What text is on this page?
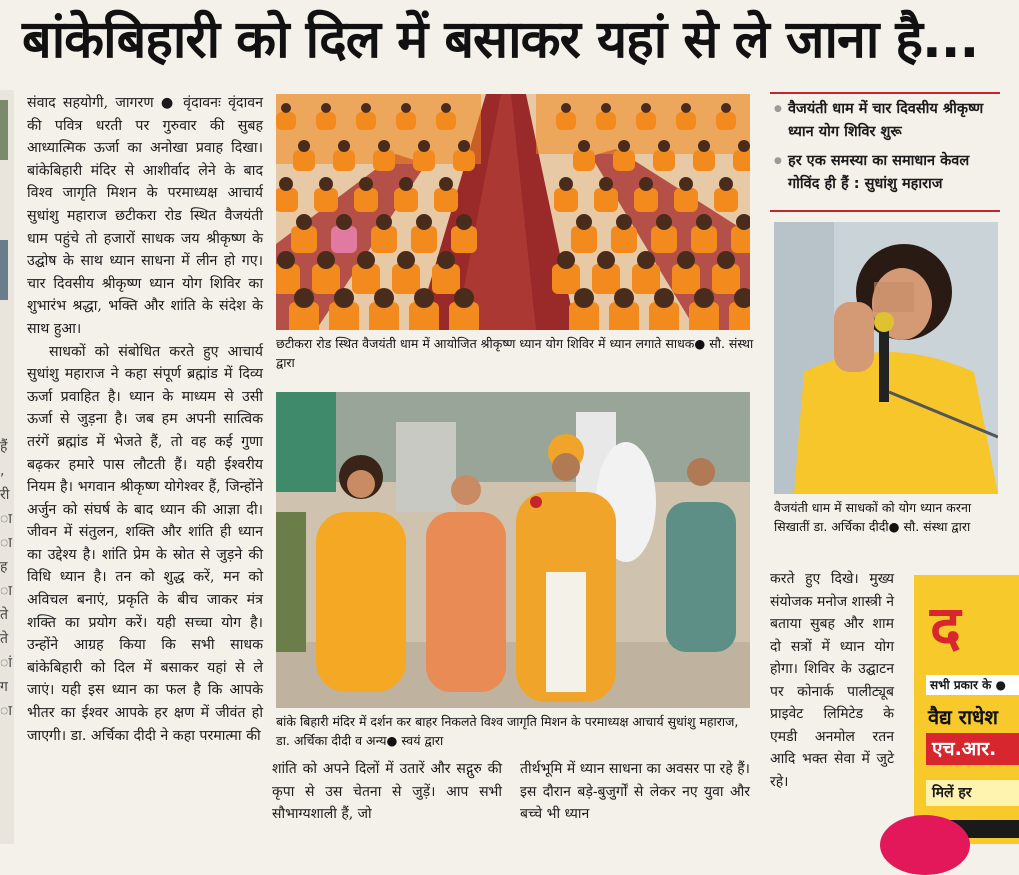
बांकेबिहारी को दिल में बसाकर यहां से ले जाना है...
हैं
,
री
ा
ा
ह
ा
ते
ते
ां
ग
ा

संवाद सहयोगी, जागरण ● वृंदावनः वृंदावन की पवित्र धरती पर गुरुवार की सुबह आध्यात्मिक ऊर्जा का अनोखा प्रवाह दिखा। बांकेबिहारी मंदिर से आशीर्वाद लेने के बाद विश्व जागृति मिशन के परमाध्यक्ष आचार्य सुधांशु महाराज छटीकरा रोड स्थित वैजयंती धाम पहुंचे तो हजारों साधक जय श्रीकृष्ण के उद्घोष के साथ ध्यान साधना में लीन हो गए। चार दिवसीय श्रीकृष्ण ध्यान योग शिविर का शुभारंभ श्रद्धा, भक्ति और शांति के संदेश के साथ हुआ।

साधकों को संबोधित करते हुए आचार्य सुधांशु महाराज ने कहा संपूर्ण ब्रह्मांड में दिव्य ऊर्जा प्रवाहित है। ध्यान के माध्यम से उसी ऊर्जा से जुड़ना है। जब हम अपनी सात्विक तरंगें ब्रह्मांड में भेजते हैं, तो वह कई गुणा बढ़कर हमारे पास लौटती हैं। यही ईश्वरीय नियम है। भगवान श्रीकृष्ण योगेश्वर हैं, जिन्होंने अर्जुन को संघर्ष के बाद ध्यान की आज्ञा दी। जीवन में संतुलन, शक्ति और शांति ही ध्यान का उद्देश्य है। शांति प्रेम के स्रोत से जुड़ने की विधि ध्यान है। तन को शुद्ध करें, मन को अविचल बनाएं, प्रकृति के बीच जाकर मंत्र शक्ति का प्रयोग करें। यही सच्चा योग है। उन्होंने आग्रह किया कि सभी साधक बांकेबिहारी को दिल में बसाकर यहां से ले जाएं। यही इस ध्यान का फल है कि आपके भीतर का ईश्वर आपके हर क्षण में जीवंत हो जाएगी। डा. अर्चिका दीदी ने कहा परमात्मा की

छटीकरा रोड स्थित वैजयंती धाम में आयोजित श्रीकृष्ण ध्यान योग शिविर में ध्यान लगाते साधक● सौ. संस्था द्वारा
बांके बिहारी मंदिर में दर्शन कर बाहर निकलते विश्व जागृति मिशन के परमाध्यक्ष आचार्य सुधांशु महाराज, डा. अर्चिका दीदी व अन्य● स्वयं द्वारा
शांति को अपने दिलों में उतारें और सद्गुरु की कृपा से उस चेतना से जुड़ें। आप सभी सौभाग्यशाली हैं, जो
तीर्थभूमि में ध्यान साधना का अवसर पा रहे हैं। इस दौरान बड़े-बुजुर्गों से लेकर नए युवा और बच्चे भी ध्यान
● वैजयंती धाम में चार दिवसीय श्रीकृष्ण ध्यान योग शिविर शुरू
● हर एक समस्या का समाधान केवल गोविंद ही हैं : सुधांशु महाराज
वैजयंती धाम में साधकों को योग ध्यान करना सिखातीं डा. अर्चिका दीदी● सौ. संस्था द्वारा
करते हुए दिखे। मुख्य संयोजक मनोज शास्त्री ने बताया सुबह और शाम दो सत्रों में ध्यान योग होगा। शिविर के उद्घाटन पर कोनार्क पालीट्यूब प्राइवेट लिमिटेड के एमडी अनमोल रतन आदि भक्त सेवा में जुटे रहे।
द
सभी प्रकार के ●
वैद्य राधेश
एच.आर.
मिलें हर
